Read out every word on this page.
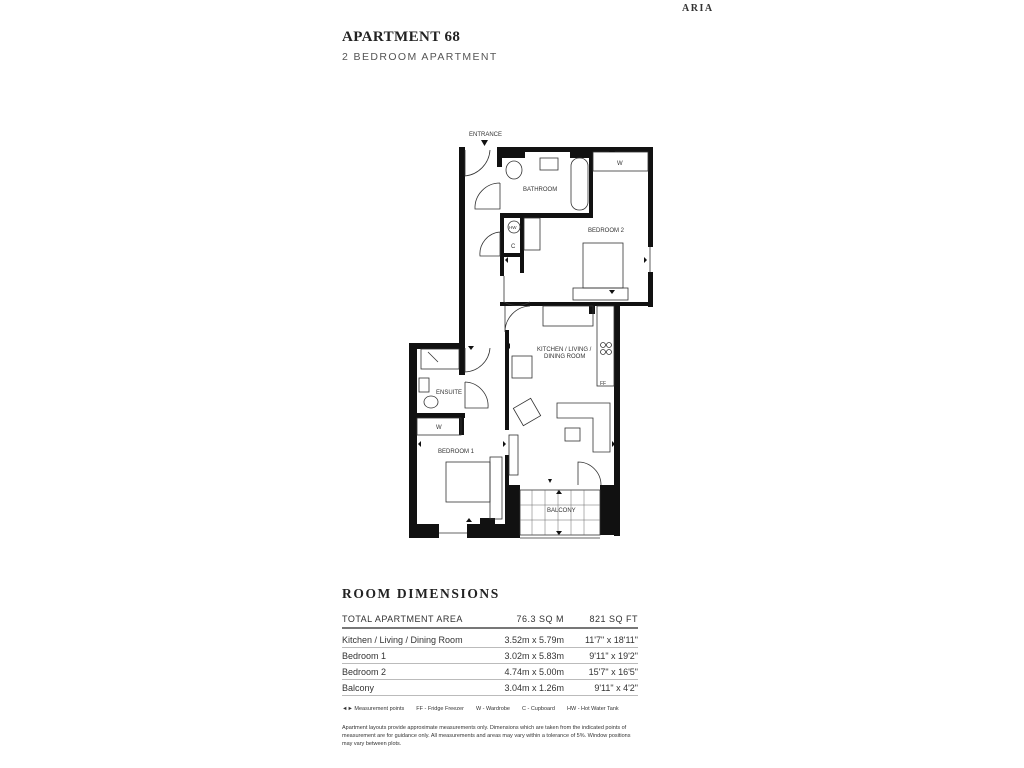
ARIA
APARTMENT 68
2 BEDROOM APARTMENT
ENTRANCE
BATHROOM
W
HW
C
BEDROOM 2
FF
KITCHEN / LIVING /
DINING ROOM
BALCONY
ENSUITE
W
BEDROOM 1
ROOM DIMENSIONS
TOTAL APARTMENT AREA	76.3 SQ M	821 SQ FT

Kitchen / Living / Dining Room	3.52m x 5.79m	11'7" x 18'11"
Bedroom 1	3.02m x 5.83m	9'11" x 19'2"
Bedroom 2	4.74m x 5.00m	15'7" x 16'5"
Balcony	3.04m x 1.26m	9'11" x 4'2"
◄► Measurement points FF - Fridge Freezer W - Wardrobe C - Cupboard HW - Hot Water Tank
Apartment layouts provide approximate measurements only. Dimensions which are taken from the indicated points of measurement are for guidance only. All measurements and areas may vary within a tolerance of 5%. Window positions may vary between plots.
